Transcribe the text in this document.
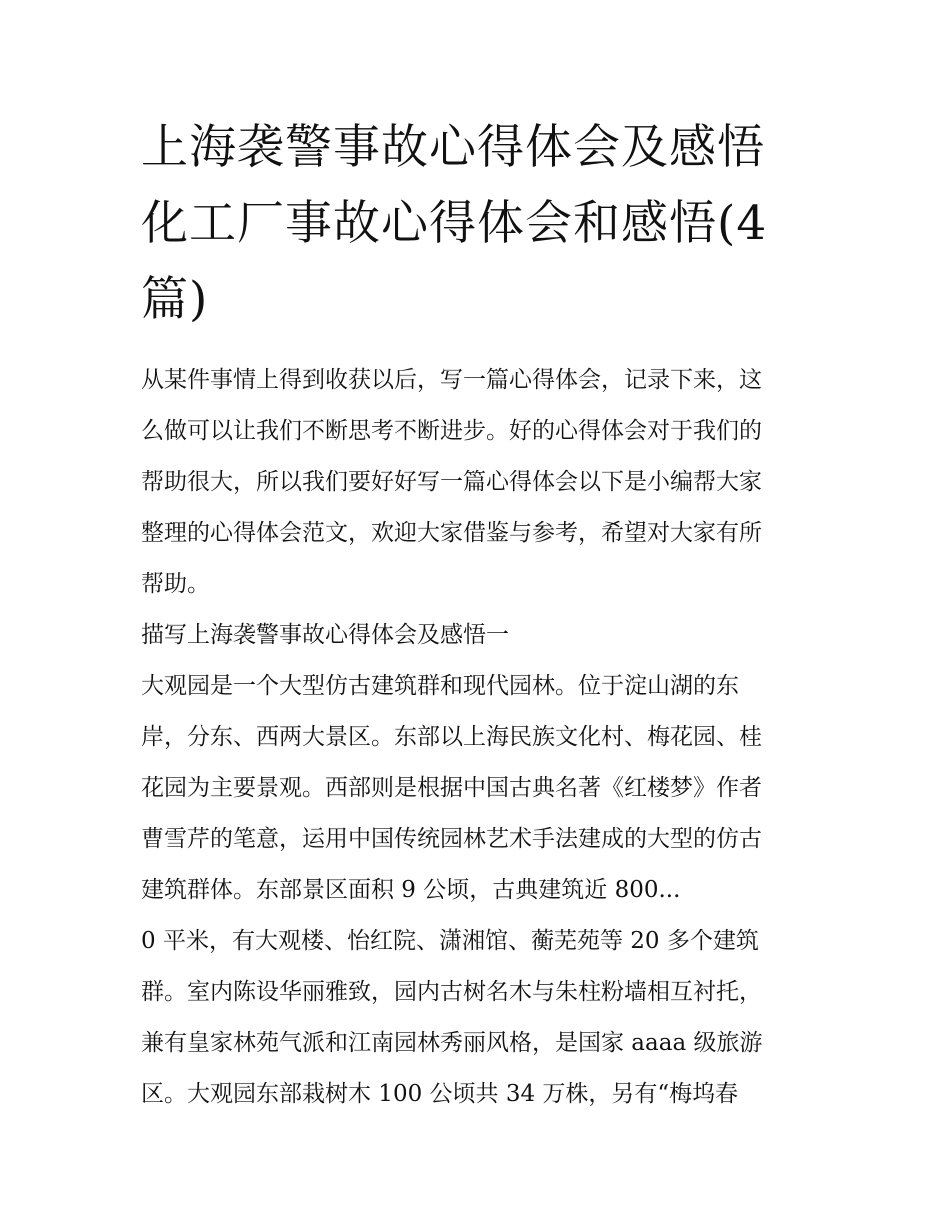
上海袭警事故心得体会及感悟
化工厂事故心得体会和感悟(4
篇)
从某件事情上得到收获以后，写一篇心得体会，记录下来，这
么做可以让我们不断思考不断进步。好的心得体会对于我们的
帮助很大，所以我们要好好写一篇心得体会以下是小编帮大家
整理的心得体会范文，欢迎大家借鉴与参考，希望对大家有所
帮助。
描写上海袭警事故心得体会及感悟一
大观园是一个大型仿古建筑群和现代园林。位于淀山湖的东
岸，分东、西两大景区。东部以上海民族文化村、梅花园、桂
花园为主要景观。西部则是根据中国古典名著《红楼梦》作者
曹雪芹的笔意，运用中国传统园林艺术手法建成的大型的仿古
建筑群体。东部景区面积 9 公顷，古典建筑近 800...
0 平米，有大观楼、怡红院、潇湘馆、蘅芜苑等 20 多个建筑
群。室内陈设华丽雅致，园内古树名木与朱柱粉墙相互衬托，
兼有皇家林苑气派和江南园林秀丽风格，是国家 aaaa 级旅游
区。大观园东部栽树木 100 公顷共 34 万株，另有“梅坞春
